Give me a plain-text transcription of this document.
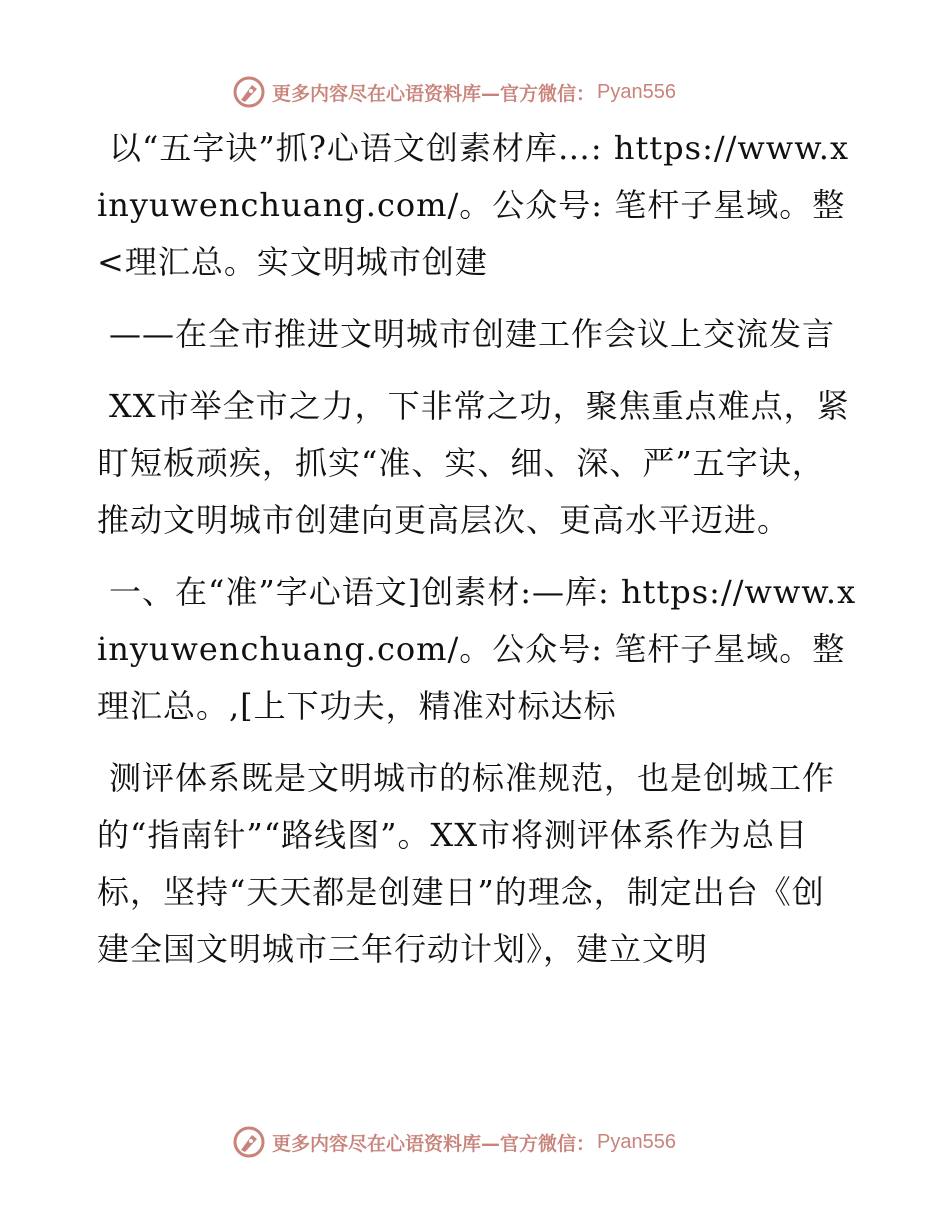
更多内容尽在心语资料库—官方微信： Pyan556

以“五字诀”抓?心语文创素材库…: https://www.xinyuwenchuang.com/。公众号: 笔杆子星域。整<理汇总。实文明城市创建

——在全市推进文明城市创建工作会议上交流发言

XX市举全市之力，下非常之功，聚焦重点难点，紧盯短板顽疾，抓实“准、实、细、深、严”五字诀，推动文明城市创建向更高层次、更高水平迈进。

一、在“准”字心语文]创素材:—库: https://www.xinyuwenchuang.com/。公众号: 笔杆子星域。整理汇总。,[上下功夫，精准对标达标

测评体系既是文明城市的标准规范，也是创城工作的“指南针”“路线图”。XX市将测评体系作为总目标，坚持“天天都是创建日”的理念，制定出台《创建全国文明城市三年行动计划》，建立文明

更多内容尽在心语资料库—官方微信： Pyan556
